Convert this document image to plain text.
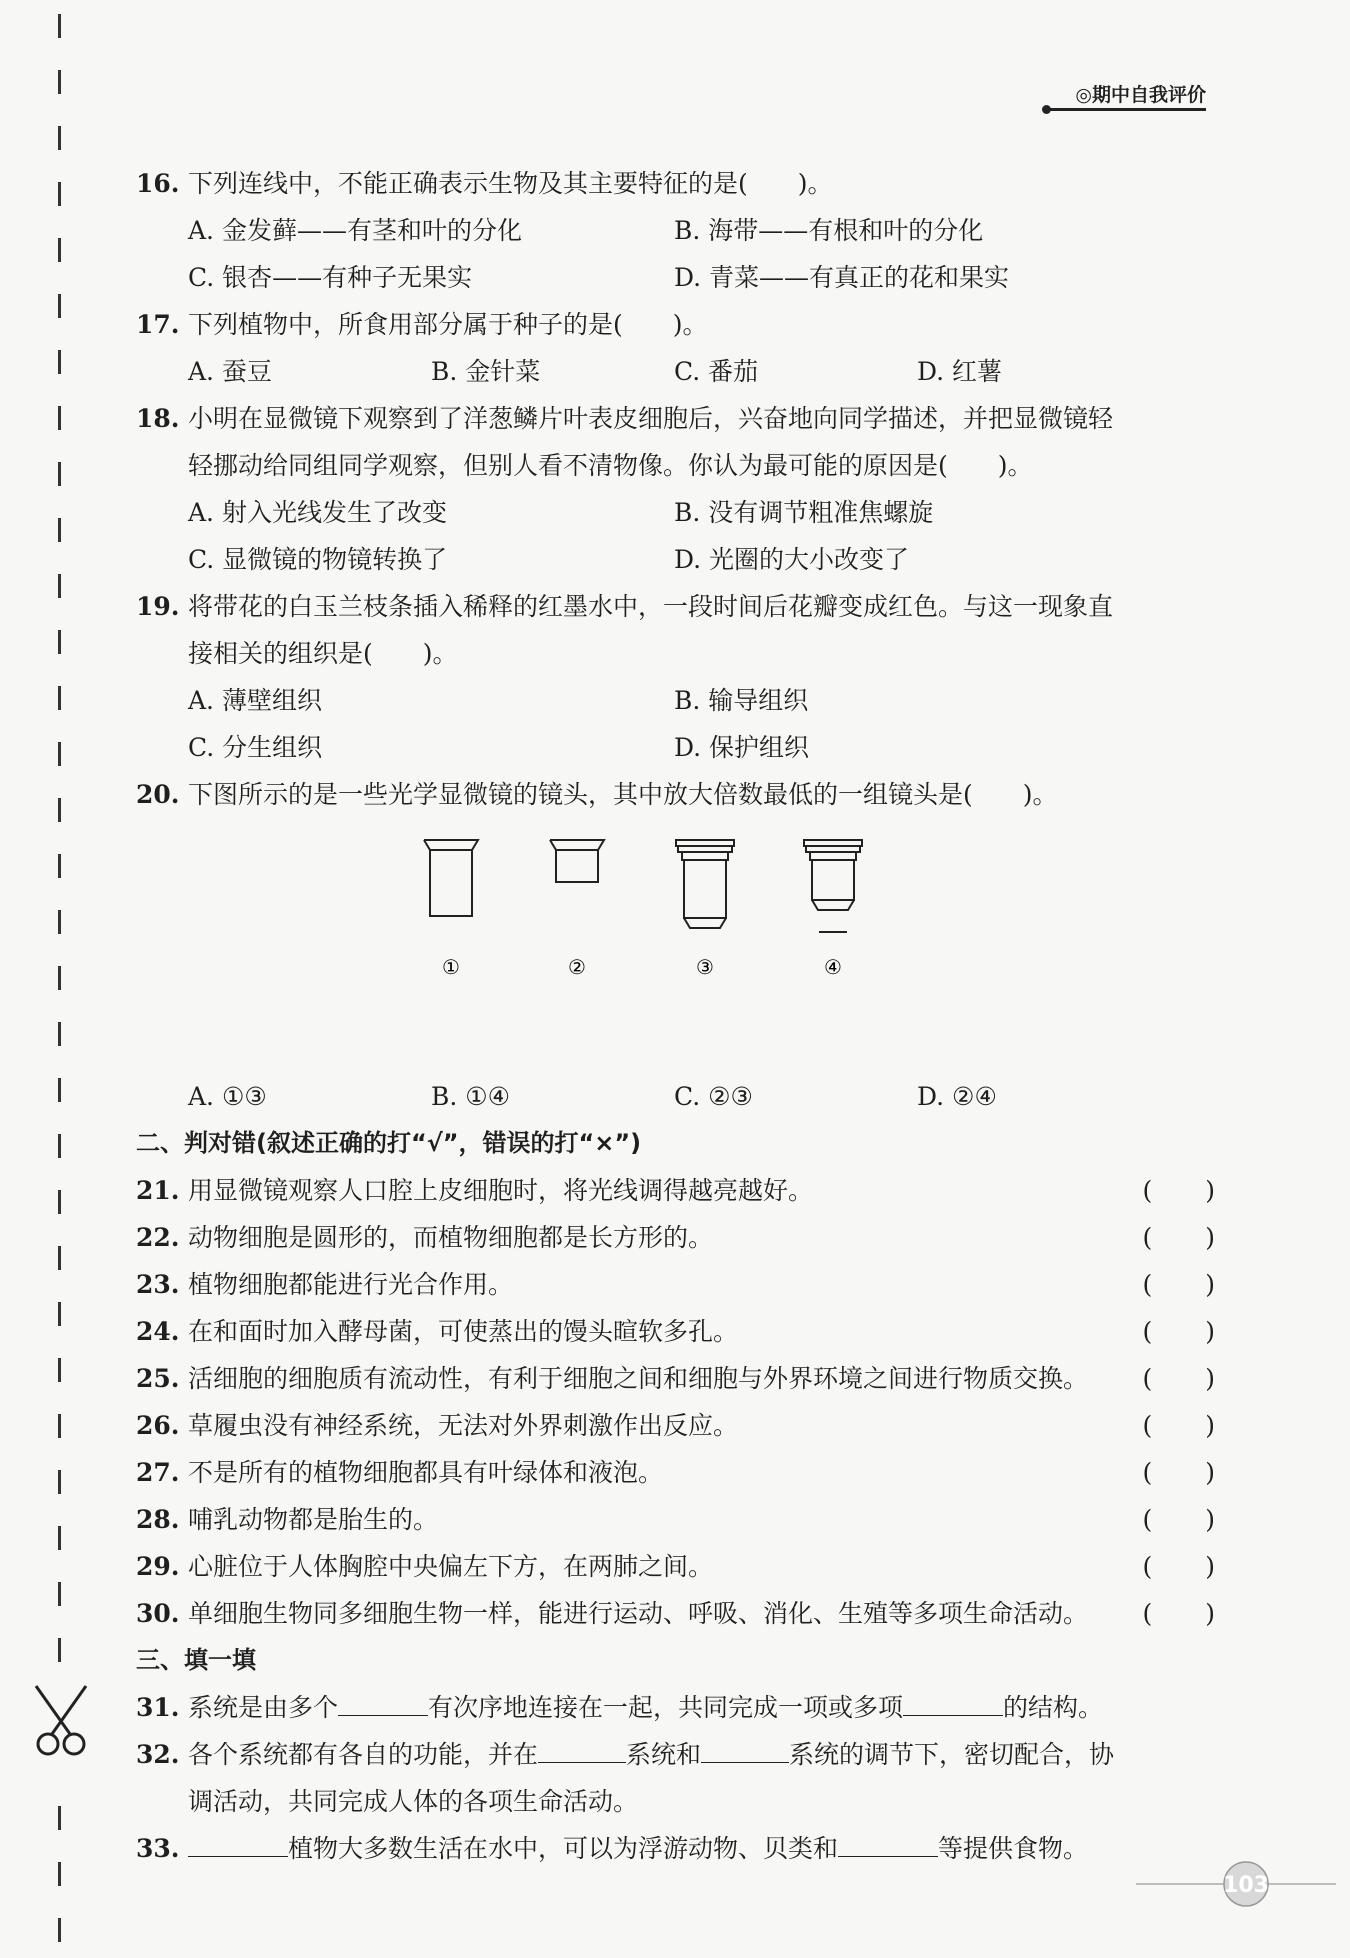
◎期中自我评价
16. 下列连线中，不能正确表示生物及其主要特征的是(　　)。
A. 金发藓——有茎和叶的分化	B. 海带——有根和叶的分化
C. 银杏——有种子无果实	D. 青菜——有真正的花和果实
17. 下列植物中，所食用部分属于种子的是(　　)。
A. 蚕豆	B. 金针菜	C. 番茄	D. 红薯
18. 小明在显微镜下观察到了洋葱鳞片叶表皮细胞后，兴奋地向同学描述，并把显微镜轻
轻挪动给同组同学观察，但别人看不清物像。你认为最可能的原因是(　　)。
A. 射入光线发生了改变	B. 没有调节粗准焦螺旋
C. 显微镜的物镜转换了	D. 光圈的大小改变了
19. 将带花的白玉兰枝条插入稀释的红墨水中，一段时间后花瓣变成红色。与这一现象直
接相关的组织是(　　)。
A. 薄壁组织	B. 输导组织
C. 分生组织	D. 保护组织
20. 下图所示的是一些光学显微镜的镜头，其中放大倍数最低的一组镜头是(　　)。
①	②	③	④
A. ①③	B. ①④	C. ②③	D. ②④
二、判对错(叙述正确的打“√”，错误的打“×”)
21. 用显微镜观察人口腔上皮细胞时，将光线调得越亮越好。	(　　)
22. 动物细胞是圆形的，而植物细胞都是长方形的。	(　　)
23. 植物细胞都能进行光合作用。	(　　)
24. 在和面时加入酵母菌，可使蒸出的馒头暄软多孔。	(　　)
25. 活细胞的细胞质有流动性，有利于细胞之间和细胞与外界环境之间进行物质交换。 (　　)
26. 草履虫没有神经系统，无法对外界刺激作出反应。	(　　)
27. 不是所有的植物细胞都具有叶绿体和液泡。	(　　)
28. 哺乳动物都是胎生的。	(　　)
29. 心脏位于人体胸腔中央偏左下方，在两肺之间。	(　　)
30. 单细胞生物同多细胞生物一样，能进行运动、呼吸、消化、生殖等多项生命活动。 (　　)
三、填一填
31. 系统是由多个	有次序地连接在一起，共同完成一项或多项	的结构。
32. 各个系统都有各自的功能，并在	系统和	系统的调节下，密切配合，协
调活动，共同完成人体的各项生命活动。
33.	植物大多数生活在水中，可以为浮游动物、贝类和	等提供食物。
103
